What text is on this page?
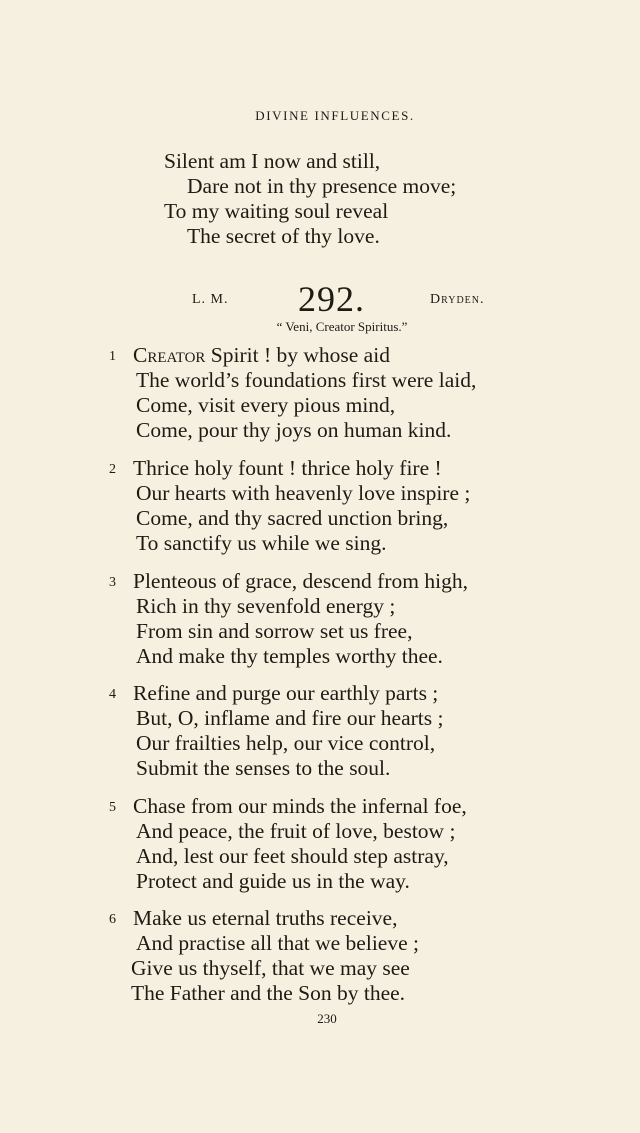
DIVINE INFLUENCES.
Silent am I now and still,
Dare not in thy presence move;
To my waiting soul reveal
The secret of thy love.
L. M. 292.	Dryden.
“ Veni, Creator Spiritus.”
1 Creator Spirit ! by whose aid
The world’s foundations first were laid,
Come, visit every pious mind,
Come, pour thy joys on human kind.
2 Thrice holy fount ! thrice holy fire !
Our hearts with heavenly love inspire ;
Come, and thy sacred unction bring,
To sanctify us while we sing.
3 Plenteous of grace, descend from high,
Rich in thy sevenfold energy ;
From sin and sorrow set us free,
And make thy temples worthy thee.
4 Refine and purge our earthly parts ;
But, O, inflame and fire our hearts ;
Our frailties help, our vice control,
Submit the senses to the soul.
5 Chase from our minds the infernal foe,
And peace, the fruit of love, bestow ;
And, lest our feet should step astray,
Protect and guide us in the way.
6 Make us eternal truths receive,
And practise all that we believe ;
Give us thyself, that we may see
The Father and the Son by thee.
230
